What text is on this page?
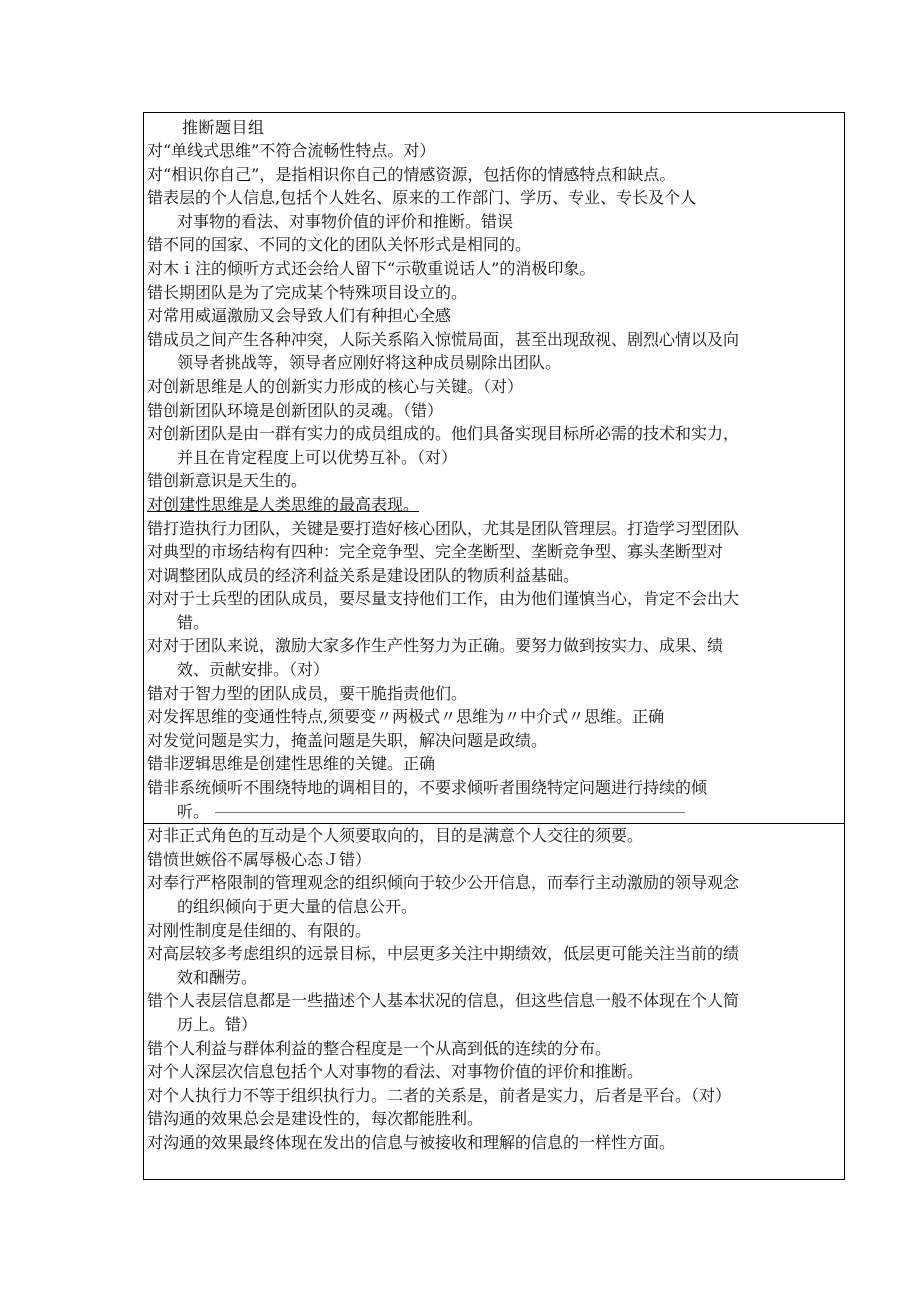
推断题目组
对“单线式思维”不符合流畅性特点。对）
对“相识你自己”，是指相识你自己的情感资源，包括你的情感特点和缺点。
错表层的个人信息,包括个人姓名、原来的工作部门、学历、专业、专长及个人
对事物的看法、对事物价值的评价和推断。错误
错不同的国家、不同的文化的团队关怀形式是相同的。
对木ｉ注的倾听方式还会给人留下“示敬重说话人”的消极印象。
错长期团队是为了完成某个特殊项目设立的。
对常用威逼激励又会导致人们有种担心全感
错成员之间产生各种冲突，人际关系陷入惊慌局面，甚至出现敌视、剧烈心情以及向
领导者挑战等，领导者应刚好将这种成员剔除出团队。
对创新思维是人的创新实力形成的核心与关键。（对）
错创新团队环境是创新团队的灵魂。（错）
对创新团队是由一群有实力的成员组成的。他们具备实现目标所必需的技术和实力，
并且在肯定程度上可以优势互补。（对）
错创新意识是天生的。
对创建性思维是人类思维的最高表现。
错打造执行力团队，关键是要打造好核心团队，尤其是团队管理层。打造学习型团队
对典型的市场结构有四种：完全竞争型、完全垄断型、垄断竞争型、寡头垄断型对
对调整团队成员的经济利益关系是建设团队的物质利益基础。
对对于士兵型的团队成员，要尽量支持他们工作，由为他们谨慎当心，肯定不会出大
错。
对对于团队来说，激励大家多作生产性努力为正确。要努力做到按实力、成果、绩
效、贡献安排。（对）
错对于智力型的团队成员，要干脆指责他们。
对发挥思维的变通性特点,须要变〃两极式〃思维为〃中介式〃思维。正确
对发觉问题是实力，掩盖问题是失职，解决问题是政绩。
错非逻辑思维是创建性思维的关键。正确
错非系统倾听不围绕特地的调相目的，不要求倾听者围绕特定问题进行持续的倾
听。
对非正式角色的互动是个人须要取向的，目的是满意个人交往的须要。
错愤世嫉俗不属辱极心态Ｊ错）
对奉行严格限制的管理观念的组织倾向于较少公开信息，而奉行主动激励的领导观念
的组织倾向于更大量的信息公开。
对刚性制度是佳细的、有限的。
对高层较多考虑组织的远景目标，中层更多关注中期绩效，低层更可能关注当前的绩
效和酬劳。
错个人表层信息都是一些描述个人基本状况的信息，但这些信息一般不体现在个人简
历上。错）
错个人利益与群体利益的整合程度是一个从高到低的连续的分布。
对个人深层次信息包括个人对事物的看法、对事物价值的评价和推断。
对个人执行力不等于组织执行力。二者的关系是，前者是实力，后者是平台。（对）
错沟通的效果总会是建设性的，每次都能胜利。
对沟通的效果最终体现在发出的信息与被接收和理解的信息的一样性方面。
